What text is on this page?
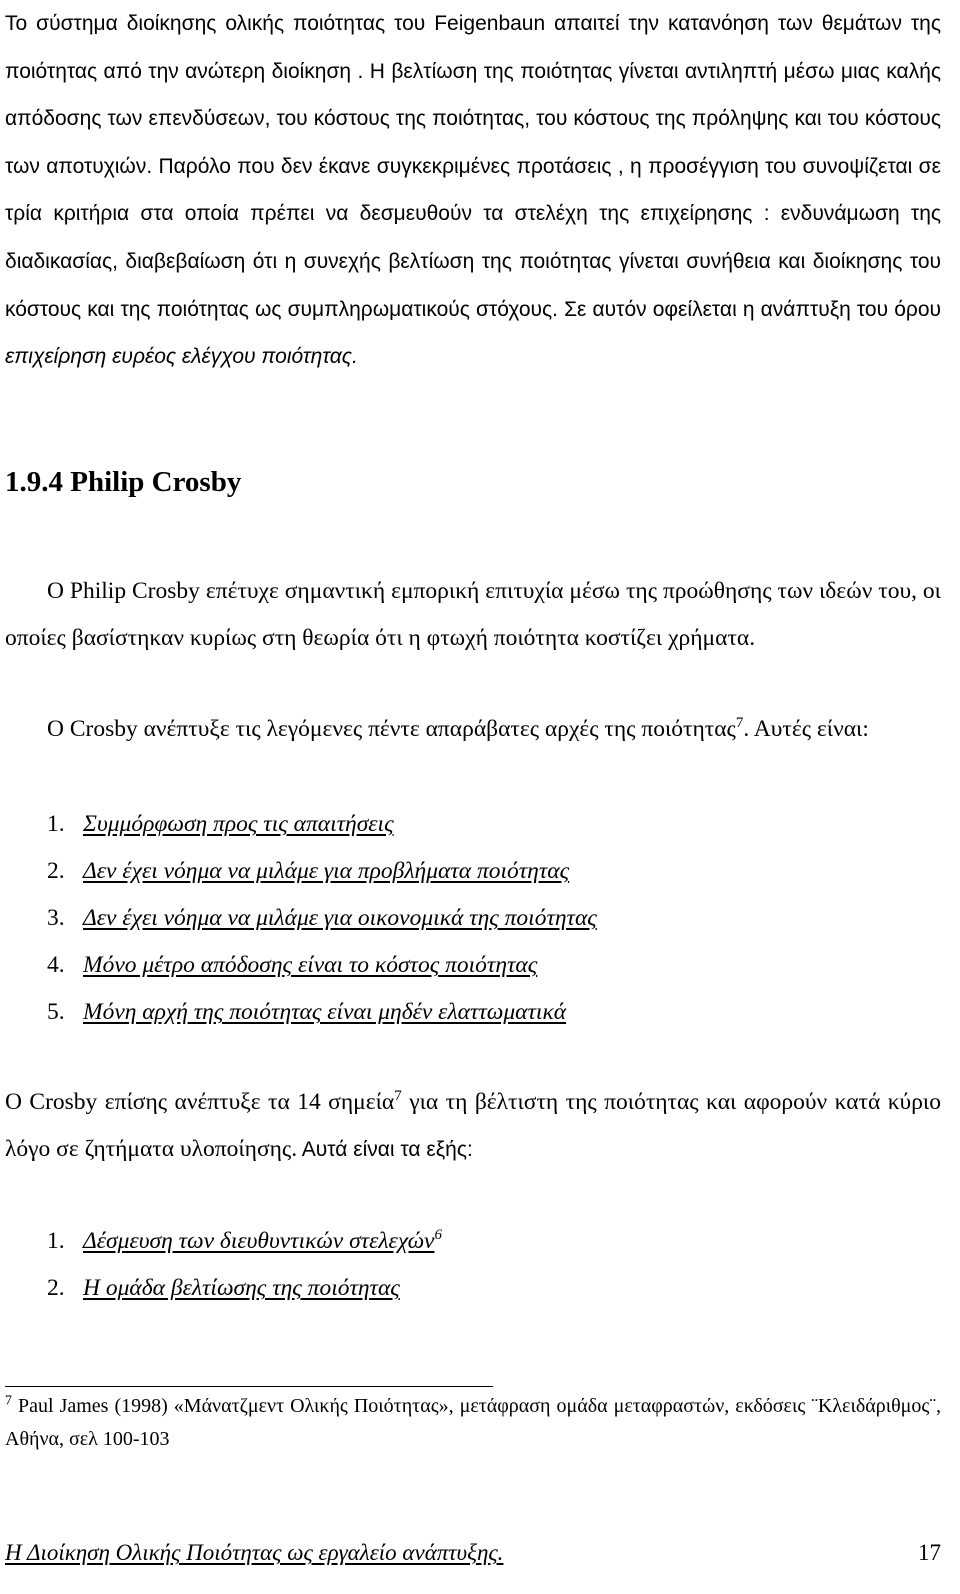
Το σύστημα διοίκησης ολικής ποιότητας του Feigenbaun απαιτεί την κατανόηση των θεμάτων της ποιότητας από την ανώτερη διοίκηση . Η βελτίωση της ποιότητας γίνεται αντιληπτή μέσω μιας καλής απόδοσης των επενδύσεων, του κόστους της ποιότητας, του κόστους της πρόληψης και του κόστους των αποτυχιών. Παρόλο που δεν έκανε συγκεκριμένες προτάσεις , η προσέγγιση του συνοψίζεται σε τρία κριτήρια στα οποία πρέπει να δεσμευθούν τα στελέχη της επιχείρησης : ενδυνάμωση της διαδικασίας, διαβεβαίωση ότι η συνεχής βελτίωση της ποιότητας γίνεται συνήθεια και διοίκησης του κόστους και της ποιότητας ως συμπληρωματικούς στόχους. Σε αυτόν οφείλεται η ανάπτυξη του όρου επιχείρηση ευρέος ελέγχου ποιότητας.

1.9.4 Philip Crosby

Ο Philip Crosby επέτυχε σημαντική εμπορική επιτυχία μέσω της προώθησης των ιδεών του, οι οποίες βασίστηκαν κυρίως στη θεωρία ότι η φτωχή ποιότητα κοστίζει χρήματα.

Ο Crosby ανέπτυξε τις λεγόμενες πέντε απαράβατες αρχές της ποιότητας$^7$. Αυτές είναι:

1. Συμμόρφωση προς τις απαιτήσεις
2. Δεν έχει νόημα να μιλάμε για προβλήματα ποιότητας
3. Δεν έχει νόημα να μιλάμε για οικονομικά της ποιότητας
4. Μόνο μέτρο απόδοσης είναι το κόστος ποιότητας
5. Μόνη αρχή της ποιότητας είναι μηδέν ελαττωματικά

Ο Crosby επίσης ανέπτυξε τα 14 σημεία$^7$ για τη βέλτιστη της ποιότητας και αφορούν κατά κύριο λόγο σε ζητήματα υλοποίησης. Αυτά είναι τα εξής:

1. Δέσμευση των διευθυντικών στελεχών$^6$
2. Η ομάδα βελτίωσης της ποιότητας

$^7$ Paul James (1998) «Μάνατζμεντ Ολικής Ποιότητας», μετάφραση ομάδα μεταφραστών, εκδόσεις ¨Κλειδάριθμος¨, Αθήνα, σελ 100-103

Η Διοίκηση Ολικής Ποιότητας ως εργαλείο ανάπτυξης.	17
